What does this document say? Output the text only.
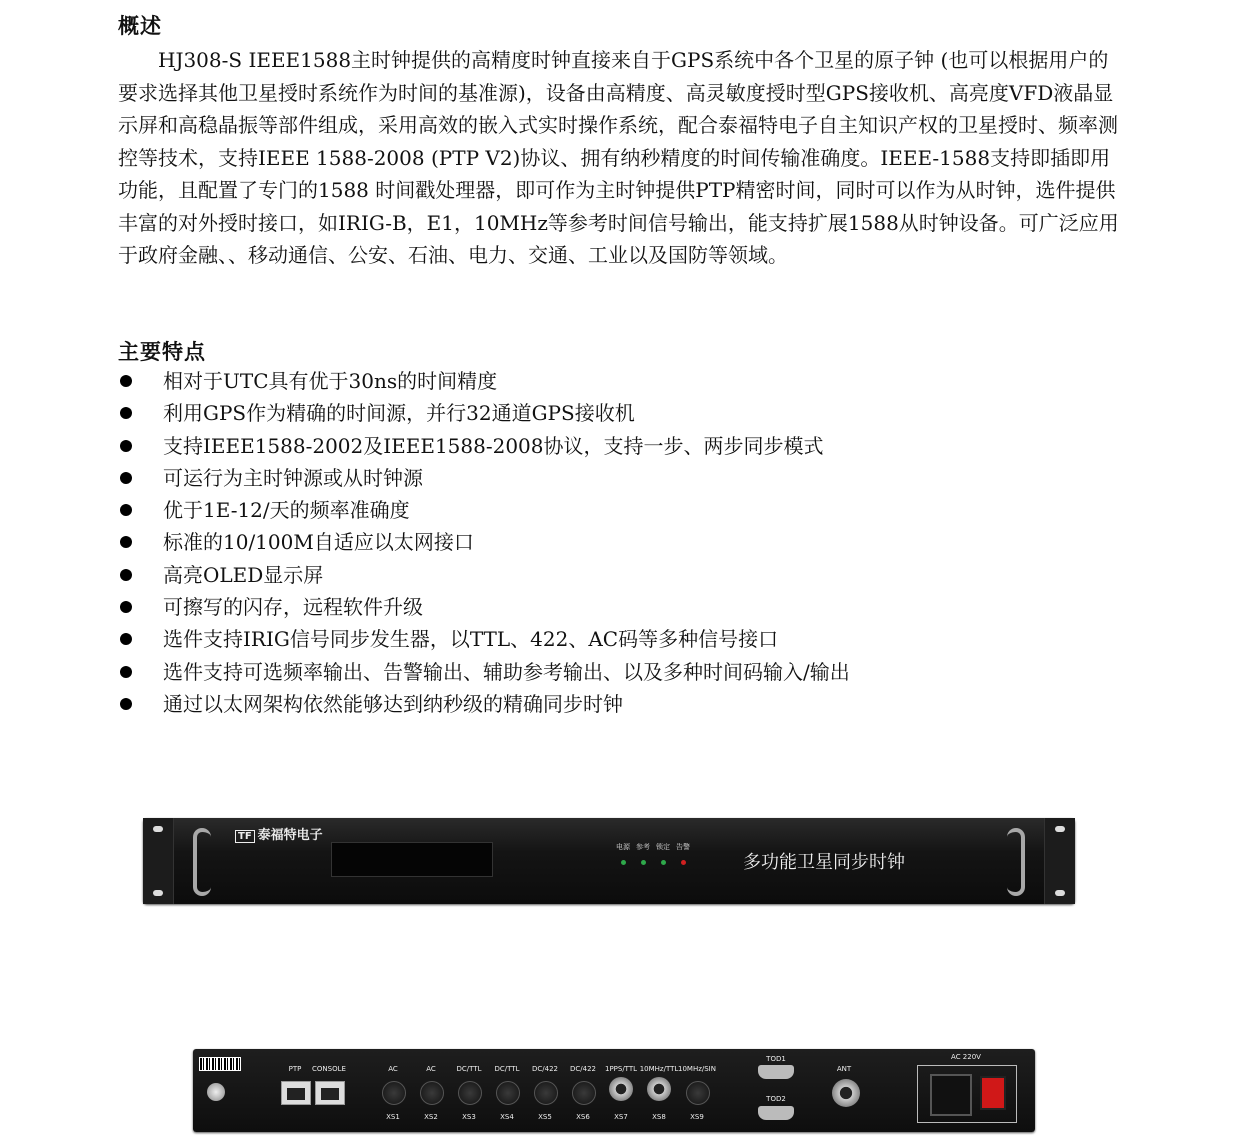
概述

HJ308-S IEEE1588主时钟提供的高精度时钟直接来自于GPS系统中各个卫星的原子钟 (也可以根据用户的要求选择其他卫星授时系统作为时间的基准源)，设备由高精度、高灵敏度授时型GPS接收机、高亮度VFD液晶显示屏和高稳晶振等部件组成，采用高效的嵌入式实时操作系统，配合泰福特电子自主知识产权的卫星授时、频率测控等技术，支持IEEE 1588-2008 (PTP V2)协议、拥有纳秒精度的时间传输准确度。IEEE-1588支持即插即用功能，且配置了专门的1588 时间戳处理器，即可作为主时钟提供PTP精密时间，同时可以作为从时钟，选件提供丰富的对外授时接口，如IRIG-B，E1，10MHz等参考时间信号输出，能支持扩展1588从时钟设备。可广泛应用于政府金融、、移动通信、公安、石油、电力、交通、工业以及国防等领域。

主要特点
相对于UTC具有优于30ns的时间精度
利用GPS作为精确的时间源，并行32通道GPS接收机
支持IEEE1588-2002及IEEE1588-2008协议，支持一步、两步同步模式
可运行为主时钟源或从时钟源
优于1E-12/天的频率准确度
标准的10/100M自适应以太网接口
高亮OLED显示屏
可擦写的闪存，远程软件升级
选件支持IRIG信号同步发生器，以TTL、422、AC码等多种信号接口
选件支持可选频率输出、告警输出、辅助参考输出、以及多种时间码输入/输出
通过以太网架构依然能够达到纳秒级的精确同步时钟
TF 泰福特电子
电源 参考 锁定 告警
多功能卫星同步时钟
PTP	CONSOLE	AC
XS1
AC
XS2
DC/TTL
XS3
DC/TTL
XS4
DC/422
XS5
DC/422
XS6
1PPS/TTL
XS7
10MHz/TTL
XS8
10MHz/SIN
XS9
TOD1
TOD2
ANT
AC 220V
